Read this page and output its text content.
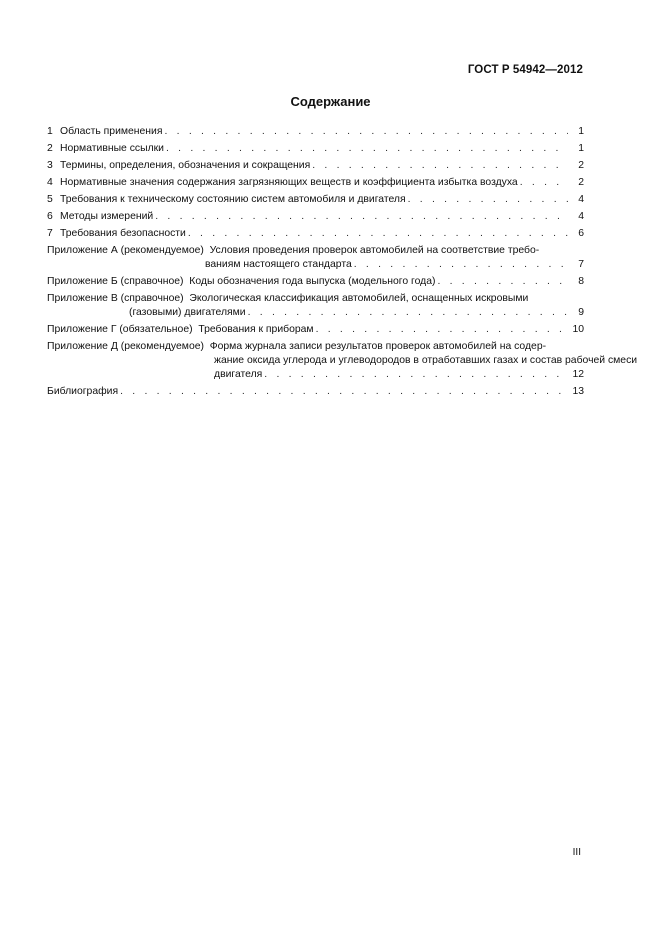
ГОСТ Р 54942—2012
Содержание
1 Область применения . . .	1
2 Нормативные ссылки . . .	1
3 Термины, определения, обозначения и сокращения . . .	2
4 Нормативные значения содержания загрязняющих веществ и коэффициента избытка воздуха . . .	2
5 Требования к техническому состоянию систем автомобиля и двигателя . . .	4
6 Методы измерений . . .	4
7 Требования безопасности . . .	6
Приложение А (рекомендуемое)  Условия проведения проверок автомобилей на соответствие требо-
ваниям настоящего стандарта . . .	7
Приложение Б (справочное)  Коды обозначения года выпуска (модельного года) . . .	8
Приложение В (справочное)  Экологическая классификация автомобилей, оснащенных искровыми
(газовыми) двигателями . . .	9
Приложение Г (обязательное)  Требования к приборам . . .	10
Приложение Д (рекомендуемое)  Форма журнала записи результатов проверок автомобилей на содер-
жание оксида углерода и углеводородов в отработавших газах и состав рабочей смеси
двигателя . . .	12
Библиография . . .	13
III
